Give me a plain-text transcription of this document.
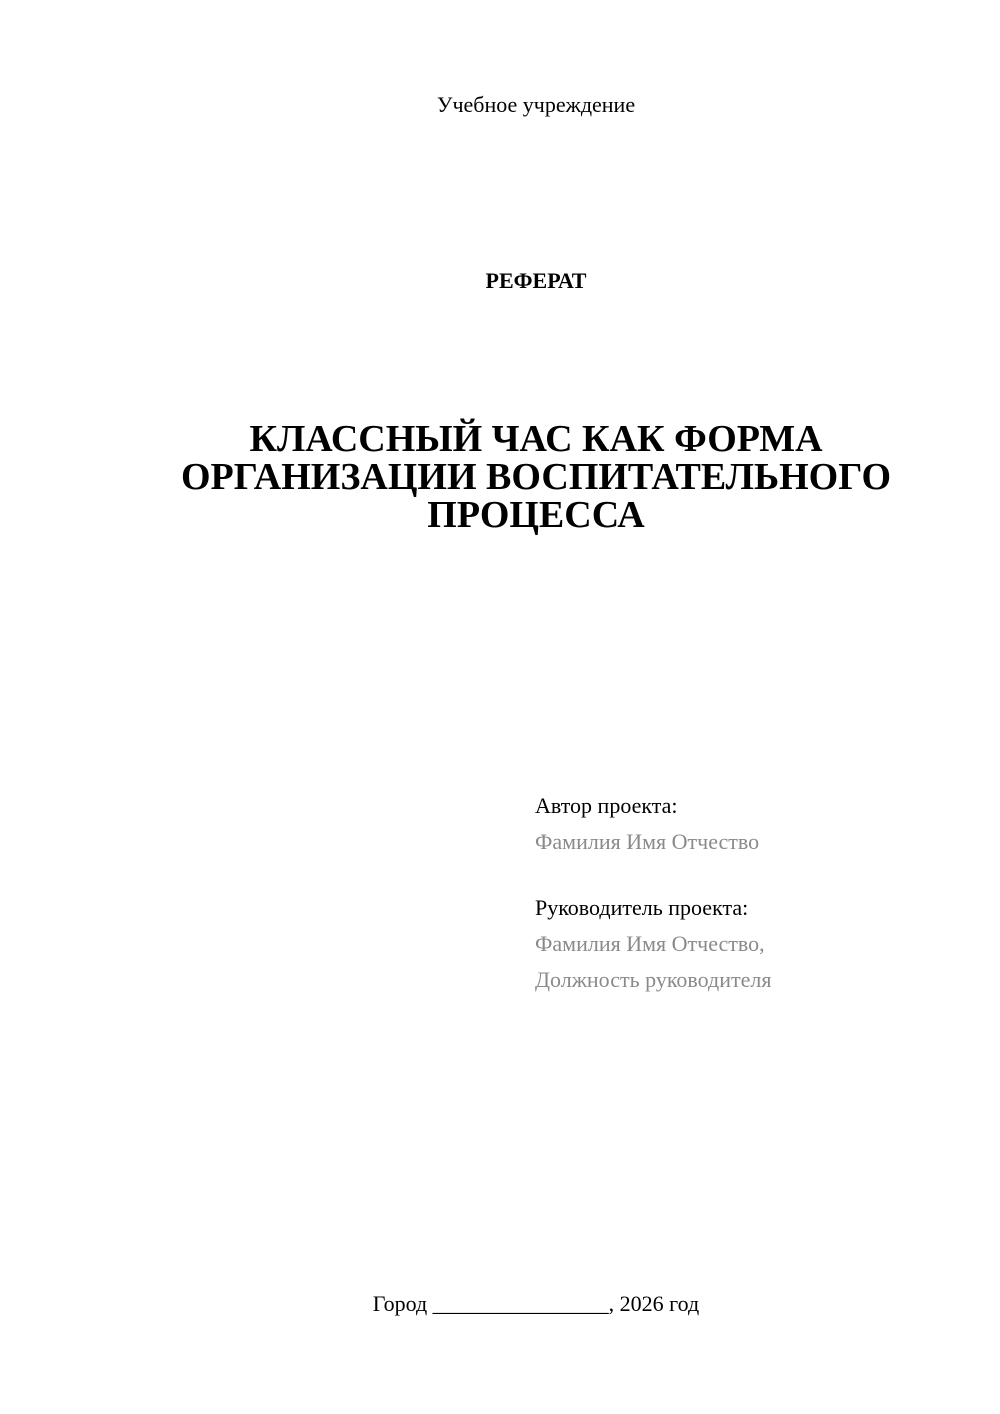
Учебное учреждение
РЕФЕРАТ
КЛАССНЫЙ ЧАС КАК ФОРМА
ОРГАНИЗАЦИИ ВОСПИТАТЕЛЬНОГО
ПРОЦЕССА
Автор проекта:
Фамилия Имя Отчество
Руководитель проекта:
Фамилия Имя Отчество,
Должность руководителя
Город ________________, 2026 год
